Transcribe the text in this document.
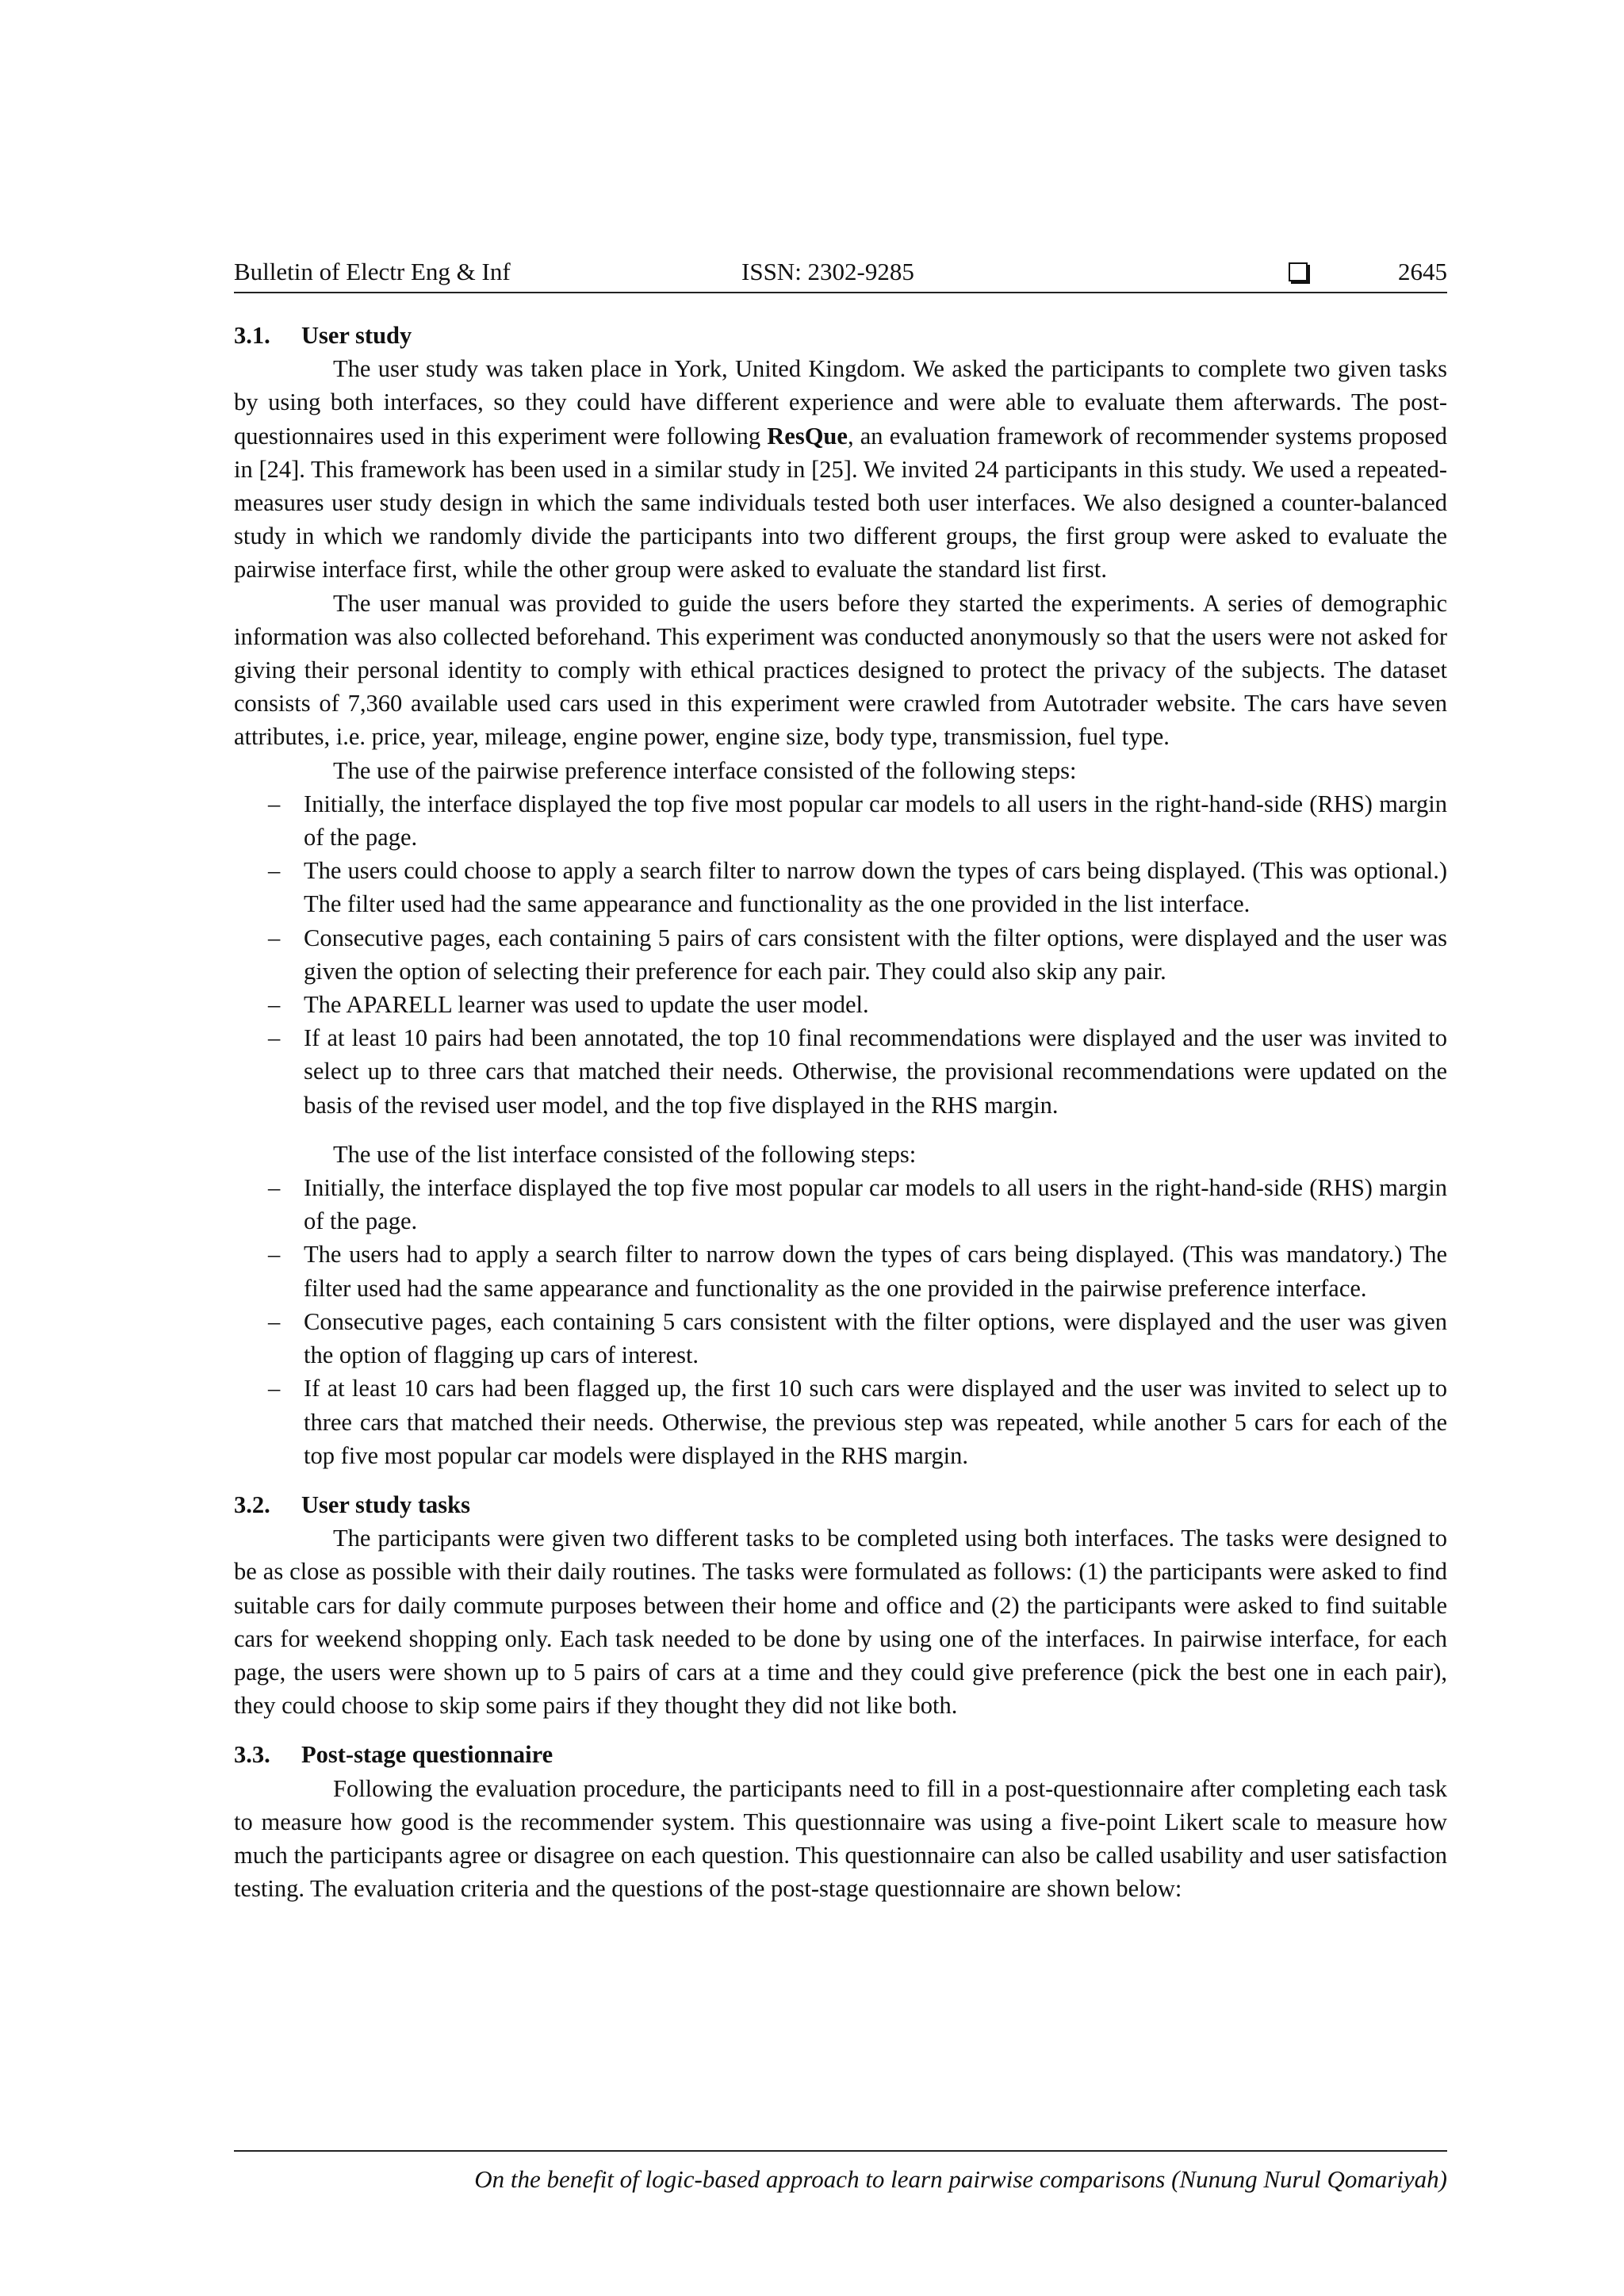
Bulletin of Electr Eng & Inf	ISSN: 2302-9285	2645

3.1. User study

The user study was taken place in York, United Kingdom. We asked the participants to complete two given tasks by using both interfaces, so they could have different experience and were able to evaluate them afterwards. The post-questionnaires used in this experiment were following ResQue, an evaluation framework of recommender systems proposed in [24]. This framework has been used in a similar study in [25]. We invited 24 participants in this study. We used a repeated-measures user study design in which the same individuals tested both user interfaces. We also designed a counter-balanced study in which we randomly divide the participants into two different groups, the first group were asked to evaluate the pairwise interface first, while the other group were asked to evaluate the standard list first.

The user manual was provided to guide the users before they started the experiments. A series of demographic information was also collected beforehand. This experiment was conducted anonymously so that the users were not asked for giving their personal identity to comply with ethical practices designed to protect the privacy of the subjects. The dataset consists of 7,360 available used cars used in this experiment were crawled from Autotrader website. The cars have seven attributes, i.e. price, year, mileage, engine power, engine size, body type, transmission, fuel type.

The use of the pairwise preference interface consisted of the following steps:

– Initially, the interface displayed the top five most popular car models to all users in the right-hand-side (RHS) margin of the page.
– The users could choose to apply a search filter to narrow down the types of cars being displayed. (This was optional.) The filter used had the same appearance and functionality as the one provided in the list interface.
– Consecutive pages, each containing 5 pairs of cars consistent with the filter options, were displayed and the user was given the option of selecting their preference for each pair. They could also skip any pair.
– The APARELL learner was used to update the user model.
– If at least 10 pairs had been annotated, the top 10 final recommendations were displayed and the user was invited to select up to three cars that matched their needs. Otherwise, the provisional recommendations were updated on the basis of the revised user model, and the top five displayed in the RHS margin.

The use of the list interface consisted of the following steps:

– Initially, the interface displayed the top five most popular car models to all users in the right-hand-side (RHS) margin of the page.
– The users had to apply a search filter to narrow down the types of cars being displayed. (This was mandatory.) The filter used had the same appearance and functionality as the one provided in the pairwise preference interface.
– Consecutive pages, each containing 5 cars consistent with the filter options, were displayed and the user was given the option of flagging up cars of interest.
– If at least 10 cars had been flagged up, the first 10 such cars were displayed and the user was invited to select up to three cars that matched their needs. Otherwise, the previous step was repeated, while another 5 cars for each of the top five most popular car models were displayed in the RHS margin.

3.2. User study tasks

The participants were given two different tasks to be completed using both interfaces. The tasks were designed to be as close as possible with their daily routines. The tasks were formulated as follows: (1) the participants were asked to find suitable cars for daily commute purposes between their home and office and (2) the participants were asked to find suitable cars for weekend shopping only. Each task needed to be done by using one of the interfaces. In pairwise interface, for each page, the users were shown up to 5 pairs of cars at a time and they could give preference (pick the best one in each pair), they could choose to skip some pairs if they thought they did not like both.

3.3. Post-stage questionnaire

Following the evaluation procedure, the participants need to fill in a post-questionnaire after completing each task to measure how good is the recommender system. This questionnaire was using a five-point Likert scale to measure how much the participants agree or disagree on each question. This questionnaire can also be called usability and user satisfaction testing. The evaluation criteria and the questions of the post-stage questionnaire are shown below:

On the benefit of logic-based approach to learn pairwise comparisons (Nunung Nurul Qomariyah)
